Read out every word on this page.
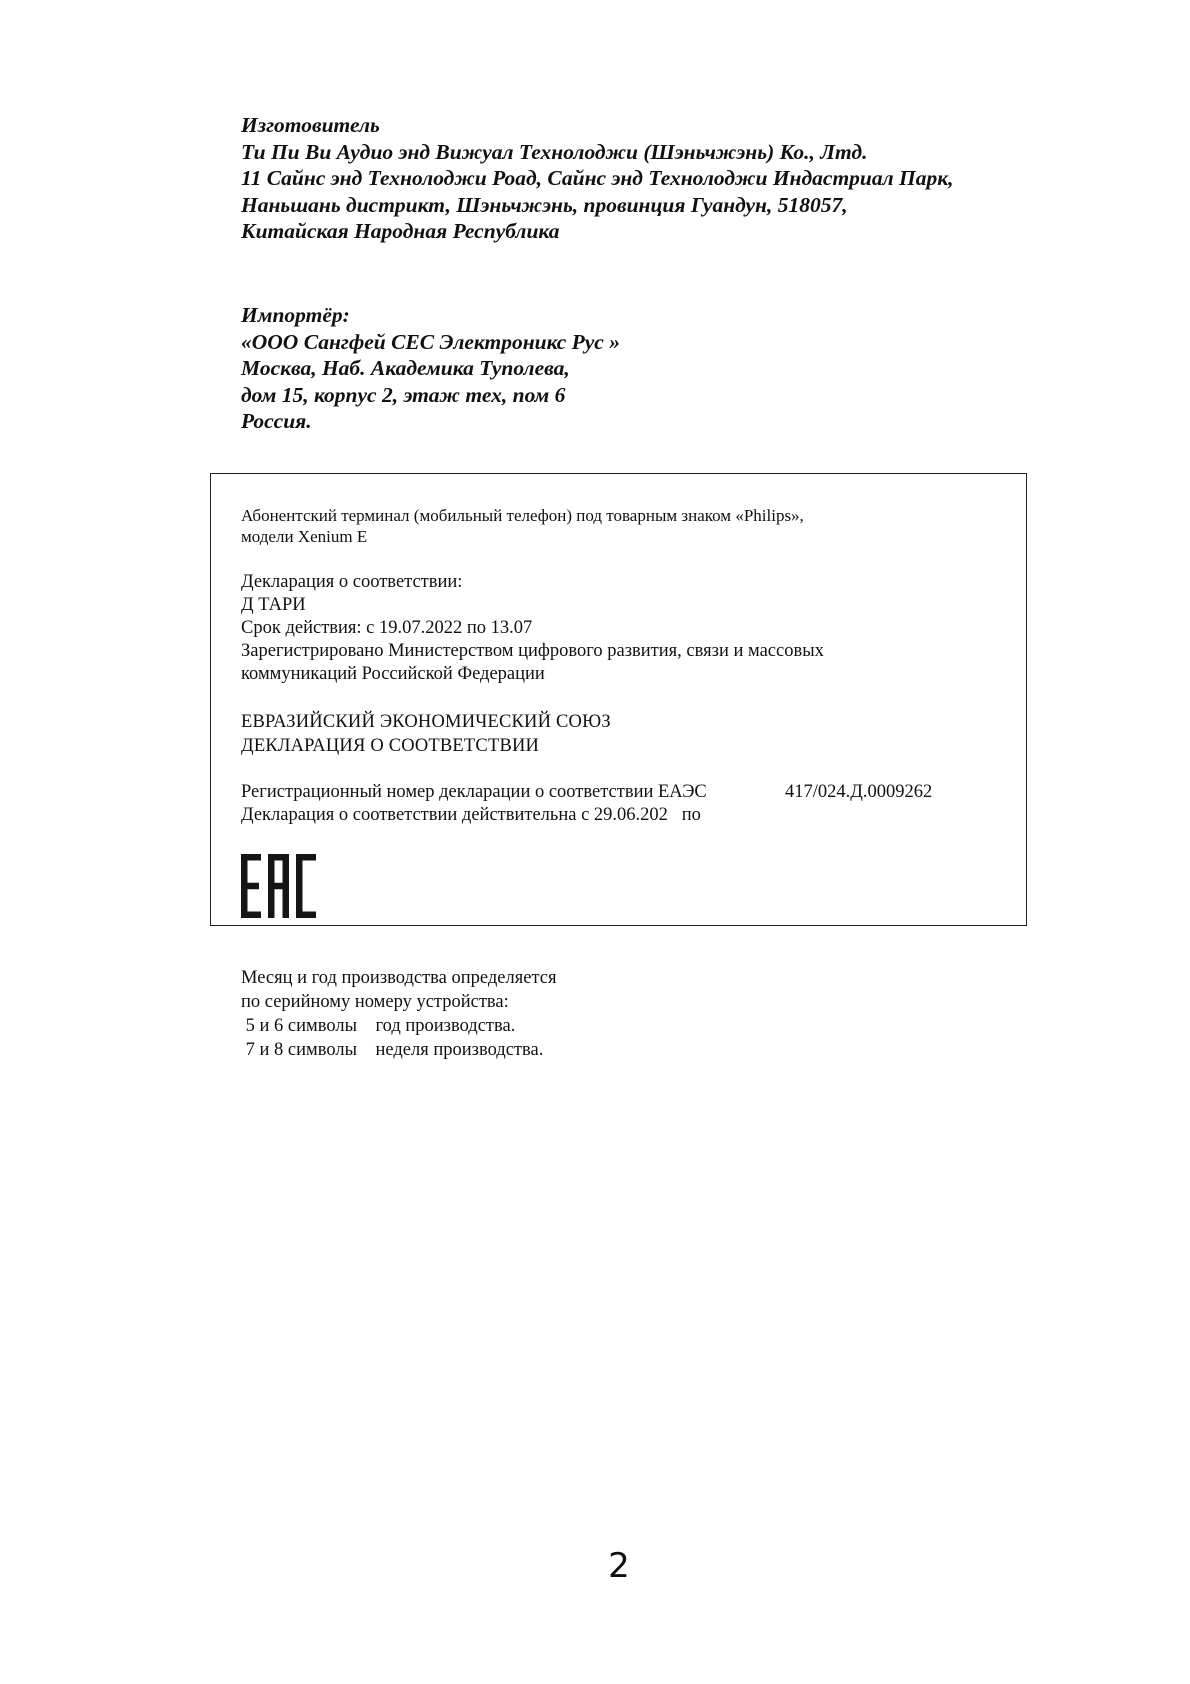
Изготовитель
Ти Пи Ви Аудио энд Вижуал Технолоджи (Шэньчжэнь) Ко., Лтд.
11 Сайнс энд Технолоджи Роад, Сайнс энд Технолоджи Индастриал Парк,
Наньшань дистрикт, Шэньчжэнь, провинция Гуандун, 518057,
Китайская Народная Республика
Импортёр:
«ООО Сангфей СЕС Электроникс Рус »
Москва, Наб. Академика Туполева,
дом 15, корпус 2, этаж тех, пом 6
Россия.
Абонентский терминал (мобильный телефон) под товарным знаком «Philips»,
модели Xenium E
Декларация о соответствии:
Д ТАРИ
Срок действия: с 19.07.2022 по 13.07
Зарегистрировано Министерством цифрового развития, связи и массовых
коммуникаций Российской Федерации
ЕВРАЗИЙСКИЙ ЭКОНОМИЧЕСКИЙ СОЮЗ
ДЕКЛАРАЦИЯ О СООТВЕТСТВИИ
Регистрационный номер декларации о соответствии ЕАЭС	417/024.Д.0009262
Декларация о соответствии действительна с 29.06.202   по
Месяц и год производства определяется
по серийному номеру устройства:
5 и 6 символы    год производства.
7 и 8 символы    неделя производства.
2
